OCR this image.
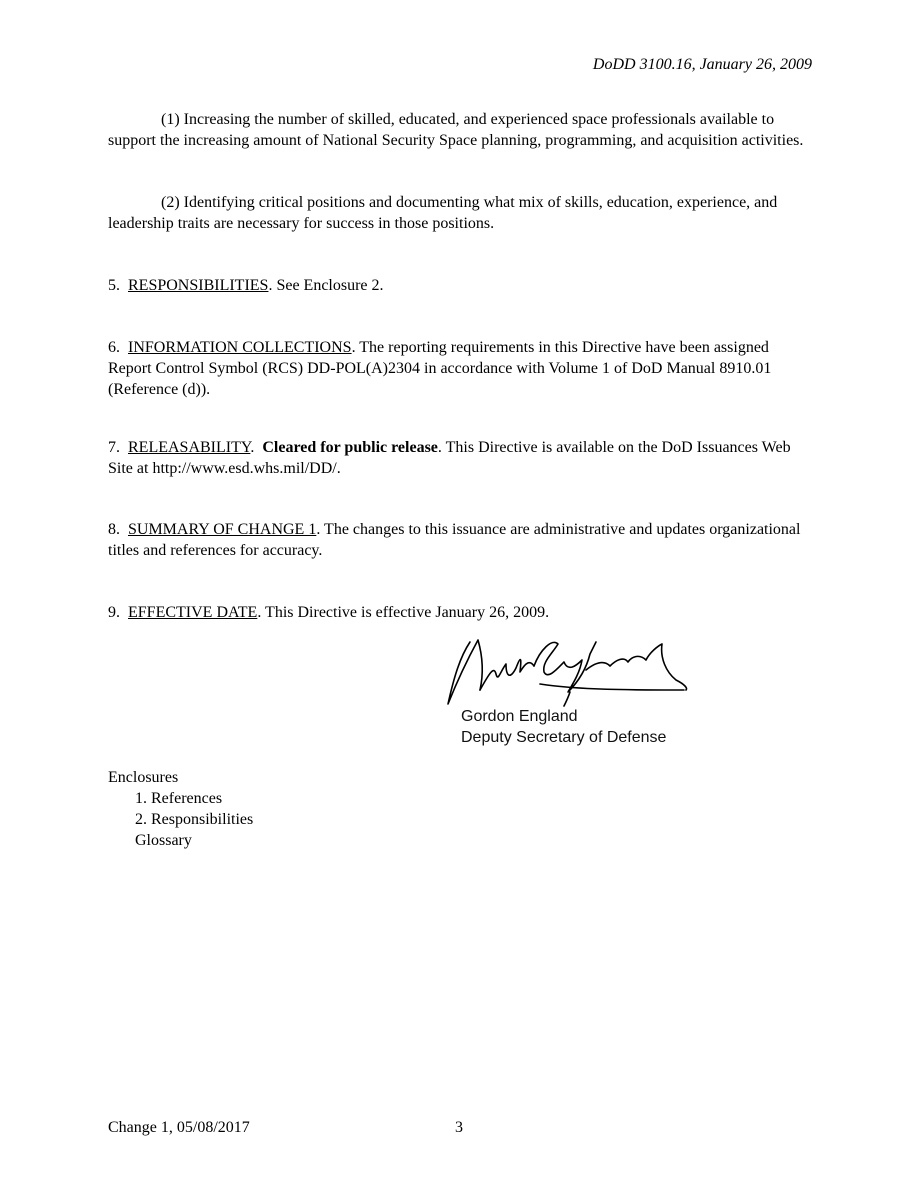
DoDD 3100.16, January 26, 2009
(1) Increasing the number of skilled, educated, and experienced space professionals available to support the increasing amount of National Security Space planning, programming, and acquisition activities.
(2) Identifying critical positions and documenting what mix of skills, education, experience, and leadership traits are necessary for success in those positions.
5. RESPONSIBILITIES. See Enclosure 2.
6. INFORMATION COLLECTIONS. The reporting requirements in this Directive have been assigned Report Control Symbol (RCS) DD-POL(A)2304 in accordance with Volume 1 of DoD Manual 8910.01 (Reference (d)).
7. RELEASABILITY.  Cleared for public release. This Directive is available on the DoD Issuances Web Site at http://www.esd.whs.mil/DD/.
8. SUMMARY OF CHANGE 1. The changes to this issuance are administrative and updates organizational titles and references for accuracy.
9. EFFECTIVE DATE. This Directive is effective January 26, 2009.
Gordon England
Deputy Secretary of Defense
Enclosures
1. References
2. Responsibilities
Glossary
Change 1, 05/08/2017	3
